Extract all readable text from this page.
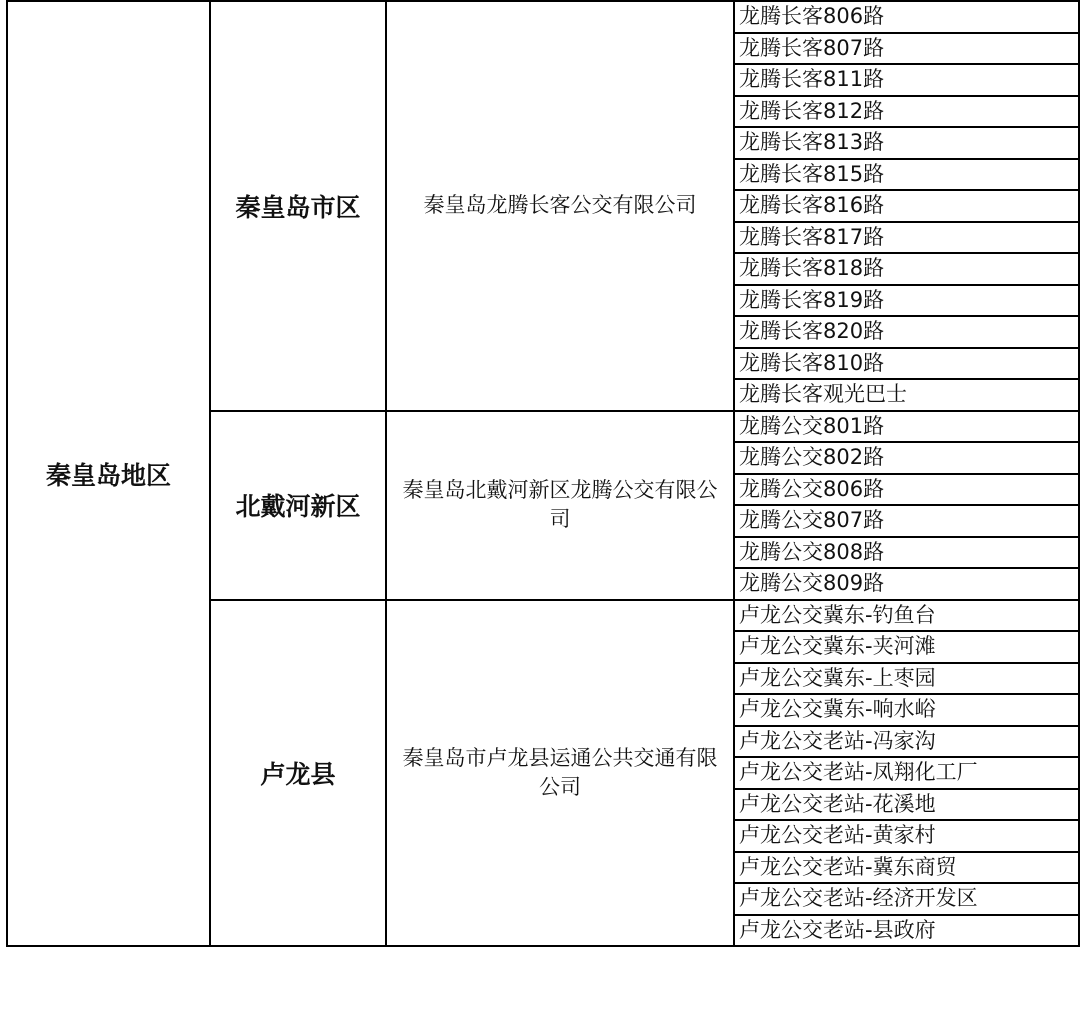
秦皇岛地区	秦皇岛市区	秦皇岛龙腾长客公交有限公司	龙腾长客806路
			龙腾长客807路
			龙腾长客811路
			龙腾长客812路
			龙腾长客813路
			龙腾长客815路
			龙腾长客816路
			龙腾长客817路
			龙腾长客818路
			龙腾长客819路
			龙腾长客820路
			龙腾长客810路
			龙腾长客观光巴士
	北戴河新区	秦皇岛北戴河新区龙腾公交有限公司	龙腾公交801路
			龙腾公交802路
			龙腾公交806路
			龙腾公交807路
			龙腾公交808路
			龙腾公交809路
	卢龙县	秦皇岛市卢龙县运通公共交通有限公司	卢龙公交冀东-钓鱼台
			卢龙公交冀东-夹河滩
			卢龙公交冀东-上枣园
			卢龙公交冀东-响水峪
			卢龙公交老站-冯家沟
			卢龙公交老站-凤翔化工厂
			卢龙公交老站-花溪地
			卢龙公交老站-黄家村
			卢龙公交老站-冀东商贸
			卢龙公交老站-经济开发区
			卢龙公交老站-县政府
